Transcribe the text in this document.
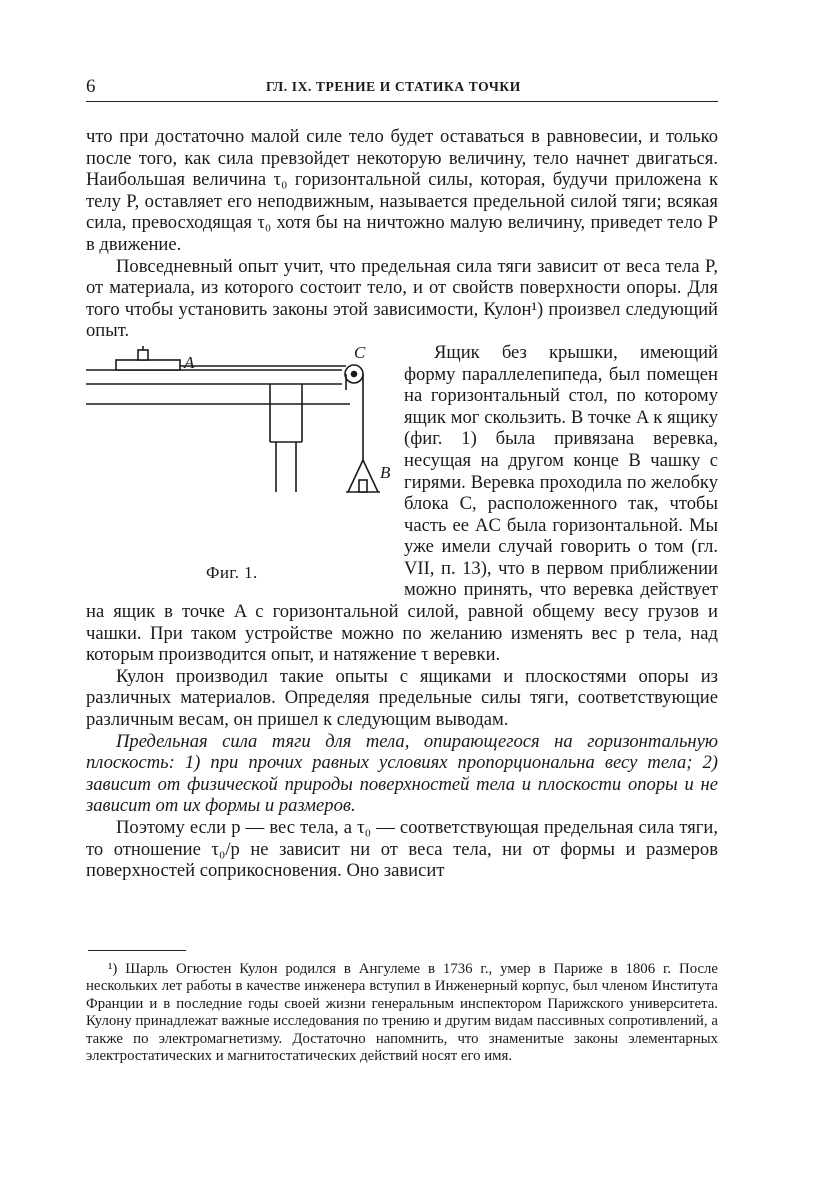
6	ГЛ. IX. ТРЕНИЕ И СТАТИКА ТОЧКИ

что при достаточно малой силе тело будет оставаться в равновесии, и только после того, как сила превзойдет некоторую величину, тело начнет двигаться. Наибольшая величина τ₀ горизонтальной силы, которая, будучи приложена к телу P, оставляет его неподвижным, называется предельной силой тяги; всякая сила, превосходящая τ₀ хотя бы на ничтожно малую величину, приведет тело P в движение.

Повседневный опыт учит, что предельная сила тяги зависит от веса тела P, от материала, из которого состоит тело, и от свойств поверхности опоры. Для того чтобы установить законы этой зависимости, Кулон¹) произвел следующий опыт.

A
C
B
Фиг. 1.

Ящик без крышки, имеющий форму параллелепипеда, был помещен на горизонтальный стол, по которому ящик мог скользить. В точке A к ящику (фиг. 1) была привязана веревка, несущая на другом конце B чашку с гирями. Веревка проходила по желобку блока C, расположенного так, чтобы часть ее AC была горизонтальной. Мы уже имели случай говорить о том (гл. VII, п. 13), что в первом приближении можно принять, что веревка действует на ящик в точке A с горизонтальной силой, равной общему весу грузов и чашки. При таком устройстве можно по желанию изменять вес p тела, над которым производится опыт, и натяжение τ веревки.

Кулон производил такие опыты с ящиками и плоскостями опоры из различных материалов. Определяя предельные силы тяги, соответствующие различным весам, он пришел к следующим выводам.

Предельная сила тяги для тела, опирающегося на горизонтальную плоскость: 1) при прочих равных условиях пропорциональна весу тела; 2) зависит от физической природы поверхностей тела и плоскости опоры и не зависит от их формы и размеров.

Поэтому если p — вес тела, а τ₀ — соответствующая предельная сила тяги, то отношение τ₀/p не зависит ни от веса тела, ни от формы и размеров поверхностей соприкосновения. Оно зависит

¹) Шарль Огюстен Кулон родился в Ангулеме в 1736 г., умер в Париже в 1806 г. После нескольких лет работы в качестве инженера вступил в Инженерный корпус, был членом Института Франции и в последние годы своей жизни генеральным инспектором Парижского университета. Кулону принадлежат важные исследования по трению и другим видам пассивных сопротивлений, а также по электромагнетизму. Достаточно напомнить, что знаменитые законы элементарных электростатических и магнитостатических действий носят его имя.
